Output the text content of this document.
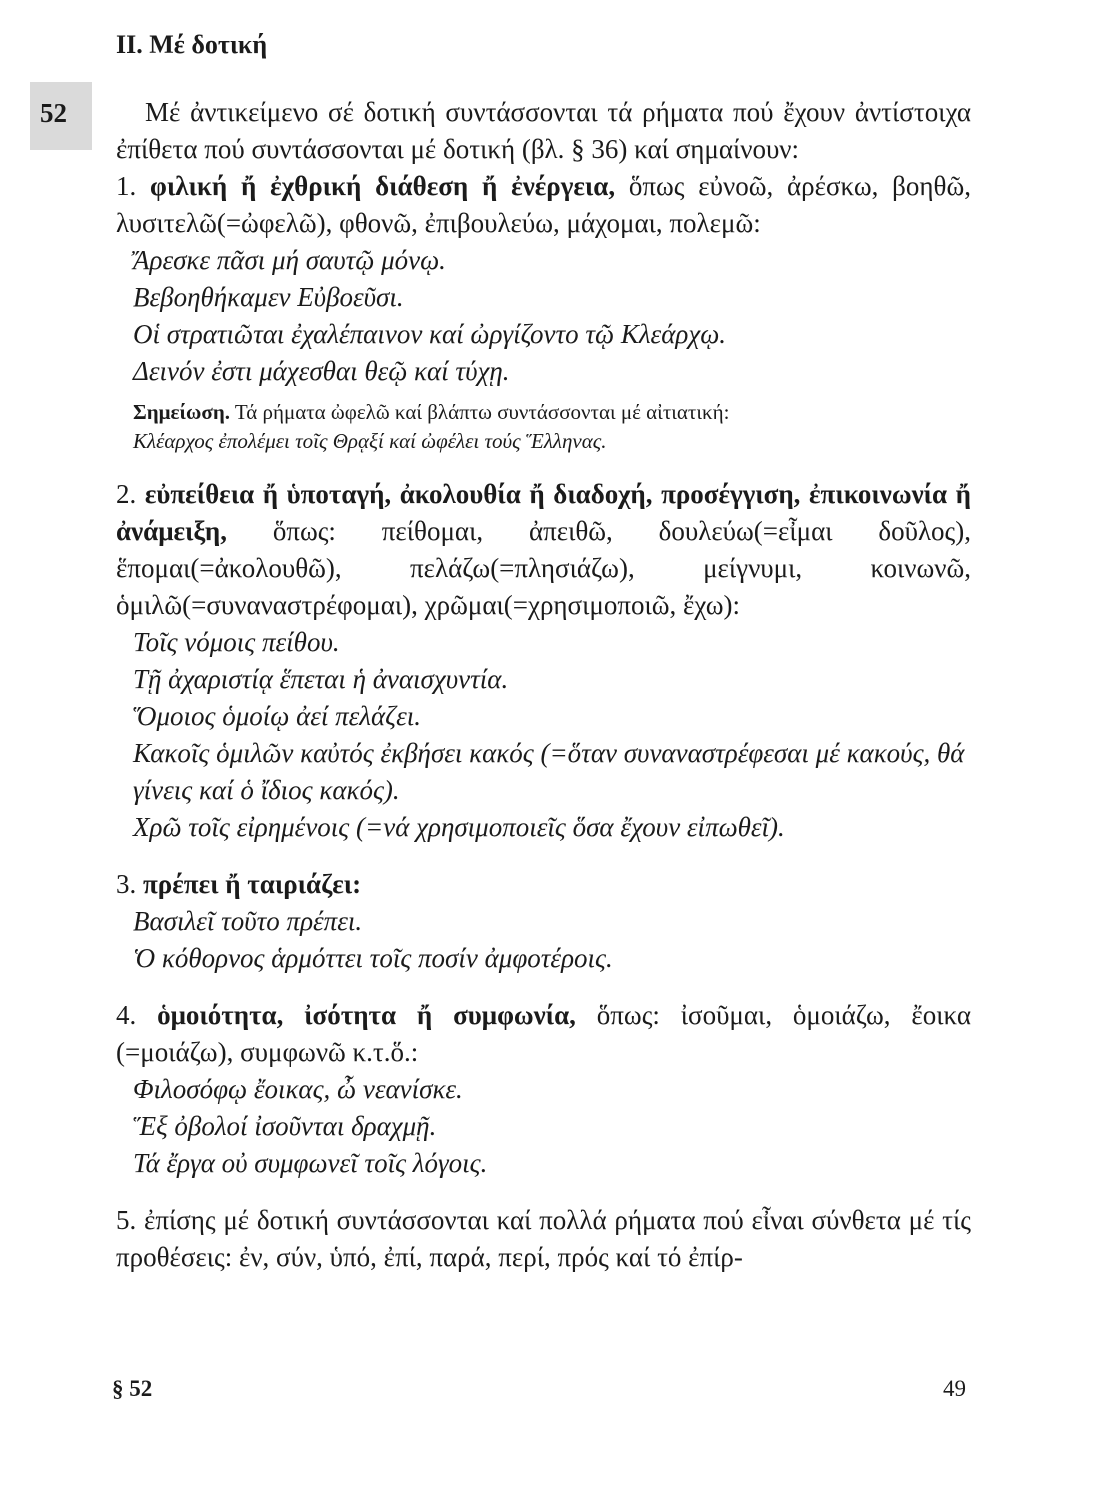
52
II. Μέ δοτική

Μέ ἀντικείμενο σέ δοτική συντάσσονται τά ρήματα πού ἔχουν ἀντίστοιχα ἐπίθετα πού συντάσσονται μέ δοτική (βλ. § 36) καί σημαίνουν:

1. φιλική ἤ ἐχθρική διάθεση ἤ ἐνέργεια, ὅπως εὐνοῶ, ἀρέσκω, βοηθῶ, λυσιτελῶ(=ὠφελῶ), φθονῶ, ἐπιβουλεύω, μάχομαι, πολεμῶ:

Ἄρεσκε πᾶσι μή σαυτῷ μόνῳ.

Βεβοηθήκαμεν Εὐβοεῦσι.

Οἱ στρατιῶται ἐχαλέπαινον καί ὠργίζοντο τῷ Κλεάρχῳ.

Δεινόν ἐστι μάχεσθαι θεῷ καί τύχῃ.

Σημείωση. Τά ρήματα ὠφελῶ καί βλάπτω συντάσσονται μέ αἰτιατική:
Κλέαρχος ἐπολέμει τοῖς Θρᾳξί καί ὠφέλει τούς Ἕλληνας.

2. εὐπείθεια ἤ ὑποταγή, ἀκολουθία ἤ διαδοχή, προσέγγιση, ἐπικοινωνία ἤ ἀνάμειξη, ὅπως: πείθομαι, ἀπειθῶ, δουλεύω(=εἶμαι δοῦλος), ἕπομαι(=ἀκολουθῶ), πελάζω(=πλησιάζω), μείγνυμι, κοινωνῶ, ὁμιλῶ(=συναναστρέφομαι), χρῶμαι(=χρησιμοποιῶ, ἔχω):

Τοῖς νόμοις πείθου.

Τῇ ἀχαριστίᾳ ἕπεται ἡ ἀναισχυντία.

Ὅμοιος ὁμοίῳ ἀεί πελάζει.

Κακοῖς ὁμιλῶν καὐτός ἐκβήσει κακός (=ὅταν συναναστρέφεσαι μέ κακούς, θά γίνεις καί ὁ ἴδιος κακός).

Χρῶ τοῖς εἰρημένοις (=νά χρησιμοποιεῖς ὅσα ἔχουν εἰπωθεῖ).

3. πρέπει ἤ ταιριάζει:

Βασιλεῖ τοῦτο πρέπει.

Ὁ κόθορνος ἁρμόττει τοῖς ποσίν ἀμφοτέροις.

4. ὁμοιότητα, ἰσότητα ἤ συμφωνία, ὅπως: ἰσοῦμαι, ὁμοιάζω, ἔοικα (=μοιάζω), συμφωνῶ κ.τ.ὅ.:

Φιλοσόφῳ ἔοικας, ὦ νεανίσκε.

Ἕξ ὀβολοί ἰσοῦνται δραχμῇ.

Τά ἔργα οὐ συμφωνεῖ τοῖς λόγοις.

5. ἐπίσης μέ δοτική συντάσσονται καί πολλά ρήματα πού εἶναι σύνθετα μέ τίς προθέσεις: ἐν, σύν, ὑπό, ἐπί, παρά, περί, πρός καί τό ἐπίρ-

§ 52	49
